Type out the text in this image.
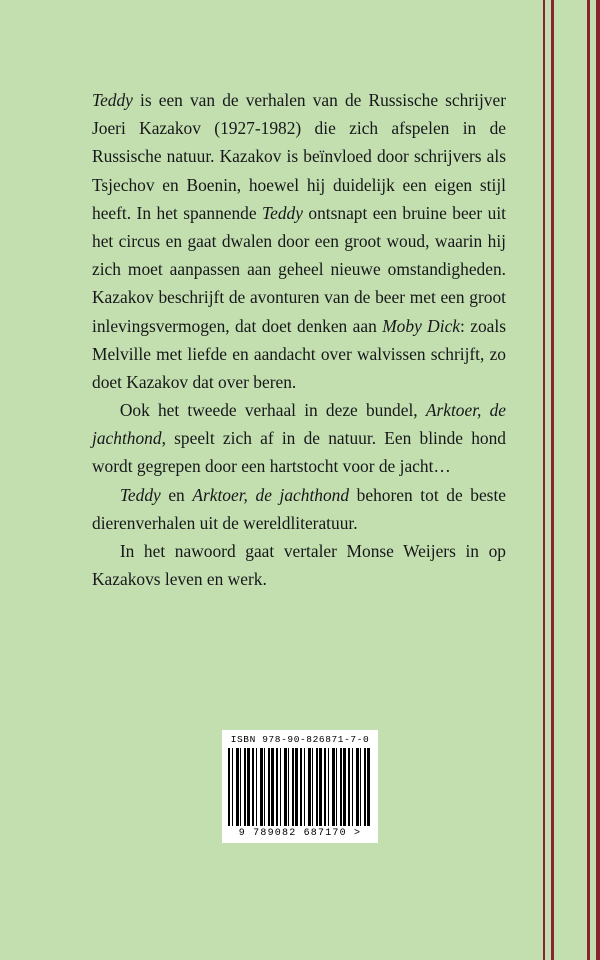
Teddy is een van de verhalen van de Russische schrijver Joeri Kazakov (1927-1982) die zich afspelen in de Russische natuur. Kazakov is beïnvloed door schrijvers als Tsjechov en Boenin, hoewel hij duidelijk een eigen stijl heeft. In het spannende Teddy ontsnapt een bruine beer uit het circus en gaat dwalen door een groot woud, waarin hij zich moet aanpassen aan geheel nieuwe omstandigheden. Kazakov beschrijft de avonturen van de beer met een groot inlevingsvermogen, dat doet denken aan Moby Dick: zoals Melville met liefde en aandacht over walvissen schrijft, zo doet Kazakov dat over beren.

Ook het tweede verhaal in deze bundel, Arktoer, de jachthond, speelt zich af in de natuur. Een blinde hond wordt gegrepen door een hartstocht voor de jacht…

Teddy en Arktoer, de jachthond behoren tot de beste dierenverhalen uit de wereldliteratuur.

In het nawoord gaat vertaler Monse Weijers in op Kazakovs leven en werk.

ISBN 978-90-826871-7-0
9 789082 687170 >
